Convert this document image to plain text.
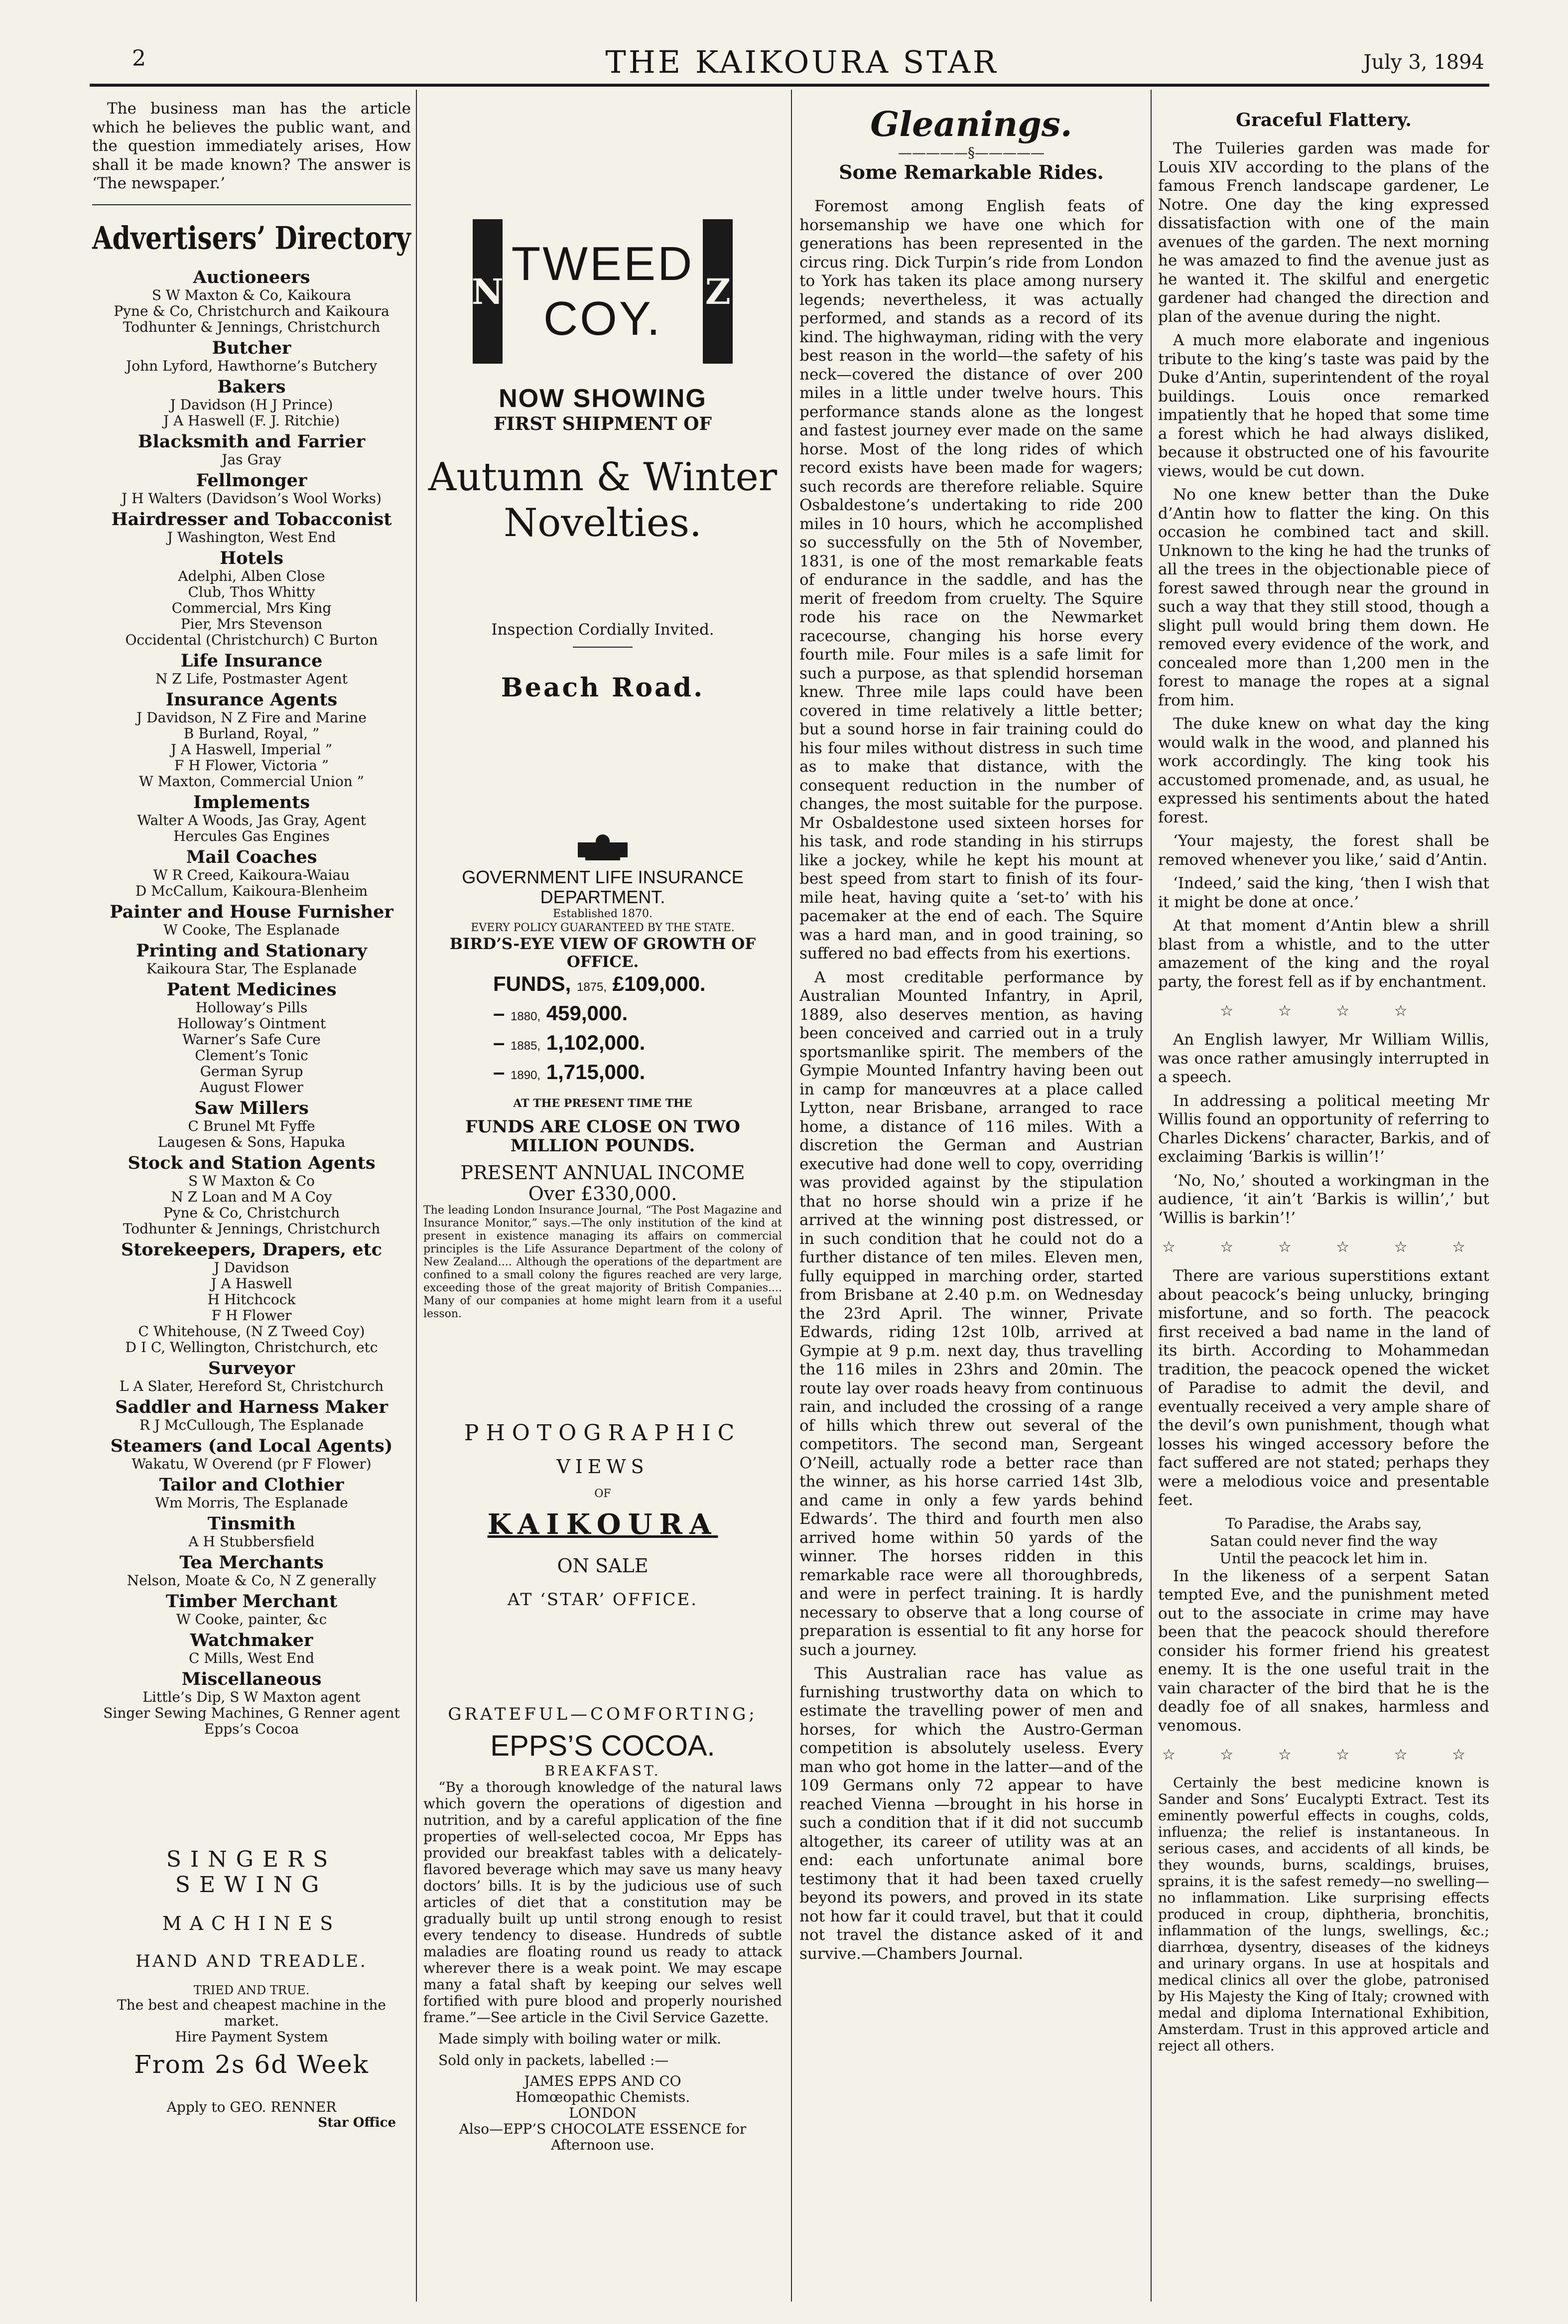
2	THE KAIKOURA STAR	July 3, 1894

The business man has the article which he believes the public want, and the question immediately arises, How shall it be made known? The answer is ‘The newspaper.’

Advertisers’ Directory
Auctioneers
S W Maxton & Co, Kaikoura
Pyne & Co, Christchurch and Kaikoura
Todhunter & Jennings, Christchurch
Butcher
John Lyford, Hawthorne’s Butchery
Bakers
J Davidson (H J Prince)
J A Haswell (F. J. Ritchie)
Blacksmith and Farrier
Jas Gray
Fellmonger
J H Walters (Davidson’s Wool Works)
Hairdresser and Tobacconist
J Washington, West End
Hotels
Adelphi, Alben Close
Club, Thos Whitty
Commercial, Mrs King
Pier, Mrs Stevenson
Occidental (Christchurch) C Burton
Life Insurance
N Z Life, Postmaster Agent
Insurance Agents
J Davidson, N Z Fire and Marine
B Burland, Royal, ”
J A Haswell, Imperial ”
F H Flower, Victoria ”
W Maxton, Commercial Union ”
Implements
Walter A Woods, Jas Gray, Agent
Hercules Gas Engines
Mail Coaches
W R Creed, Kaikoura-Waiau
D McCallum, Kaikoura-Blenheim
Painter and House Furnisher
W Cooke, The Esplanade
Printing and Stationary
Kaikoura Star, The Esplanade
Patent Medicines
Holloway’s Pills
Holloway’s Ointment
Warner’s Safe Cure
Clement’s Tonic
German Syrup
August Flower
Saw Millers
C Brunel Mt Fyffe
Laugesen & Sons, Hapuka
Stock and Station Agents
S W Maxton & Co
N Z Loan and M A Coy
Pyne & Co, Christchurch
Todhunter & Jennings, Christchurch
Storekeepers, Drapers, etc
J Davidson
J A Haswell
H Hitchcock
F H Flower
C Whitehouse, (N Z Tweed Coy)
D I C, Wellington, Christchurch, etc
Surveyor
L A Slater, Hereford St, Christchurch
Saddler and Harness Maker
R J McCullough, The Esplanade
Steamers (and Local Agents)
Wakatu, W Overend (pr F Flower)
Tailor and Clothier
Wm Morris, The Esplanade
Tinsmith
A H Stubbersfield
Tea Merchants
Nelson, Moate & Co, N Z generally
Timber Merchant
W Cooke, painter, &c
Watchmaker
C Mills, West End
Miscellaneous
Little’s Dip, S W Maxton agent
Singer Sewing Machines, G Renner agent
Epps’s Cocoa
SINGERS SEWING
MACHINES
HAND AND TREADLE.
TRIED AND TRUE.
The best and cheapest machine in the market.
Hire Payment System
From 2s 6d Week
Apply to GEO. RENNER
Star Office
N
TWEED
COY.
Z
NOW SHOWING
FIRST SHIPMENT OF
Autumn & Winter
Novelties.
Inspection Cordially Invited.
Beach Road.
GOVERNMENT LIFE INSURANCE
DEPARTMENT.
Established 1870.
EVERY POLICY GUARANTEED BY THE STATE.
BIRD’S-EYE VIEW OF GROWTH OF OFFICE.
FUNDS, 1875, £109,000.
– 1880, 459,000.
– 1885, 1,102,000.
– 1890, 1,715,000.
AT THE PRESENT TIME THE
FUNDS ARE CLOSE ON TWO MILLION POUNDS.
PRESENT ANNUAL INCOME
Over £330,000.
The leading London Insurance Journal, “The Post Magazine and Insurance Monitor,” says.—The only institution of the kind at present in existence managing its affairs on commercial principles is the Life Assurance Department of the colony of New Zealand.... Although the operations of the department are confined to a small colony the figures reached are very large, exceeding those of the great majority of British Companies.... Many of our companies at home might learn from it a useful lesson.
PHOTOGRAPHIC
VIEWS
OF
KAIKOURA
ON SALE
AT ‘STAR’ OFFICE.
GRATEFUL—COMFORTING;
EPPS’S COCOA.
BREAKFAST.

“By a thorough knowledge of the natural laws which govern the operations of digestion and nutrition, and by a careful application of the fine properties of well-selected cocoa, Mr Epps has provided our breakfast tables with a delicately-flavored beverage which may save us many heavy doctors’ bills. It is by the judicious use of such articles of diet that a constitution may be gradually built up until strong enough to resist every tendency to disease. Hundreds of subtle maladies are floating round us ready to attack wherever there is a weak point. We may escape many a fatal shaft by keeping our selves well fortified with pure blood and properly nourished frame.”—See article in the Civil Service Gazette.

Made simply with boiling water or milk.

Sold only in packets, labelled :—

JAMES EPPS AND CO
Homœopathic Chemists.
LONDON
Also—EPP’S CHOCOLATE ESSENCE for Afternoon use.
Gleanings.
—————§—————
Some Remarkable Rides.

Foremost among English feats of horsemanship we have one which for generations has been represented in the circus ring. Dick Turpin’s ride from London to York has taken its place among nursery legends; nevertheless, it was actually performed, and stands as a record of its kind. The highwayman, riding with the very best reason in the world—the safety of his neck—covered the distance of over 200 miles in a little under twelve hours. This performance stands alone as the longest and fastest journey ever made on the same horse. Most of the long rides of which record exists have been made for wagers; such records are therefore reliable. Squire Osbaldestone’s undertaking to ride 200 miles in 10 hours, which he accomplished so successfully on the 5th of November, 1831, is one of the most remarkable feats of endurance in the saddle, and has the merit of freedom from cruelty. The Squire rode his race on the Newmarket racecourse, changing his horse every fourth mile. Four miles is a safe limit for such a purpose, as that splendid horseman knew. Three mile laps could have been covered in time relatively a little better; but a sound horse in fair training could do his four miles without distress in such time as to make that distance, with the consequent reduction in the number of changes, the most suitable for the purpose. Mr Osbaldestone used sixteen horses for his task, and rode standing in his stirrups like a jockey, while he kept his mount at best speed from start to finish of its four-mile heat, having quite a ‘set-to’ with his pacemaker at the end of each. The Squire was a hard man, and in good training, so suffered no bad effects from his exertions.

A most creditable performance by Australian Mounted Infantry, in April, 1889, also deserves mention, as having been conceived and carried out in a truly sportsmanlike spirit. The members of the Gympie Mounted Infantry having been out in camp for manœuvres at a place called Lytton, near Brisbane, arranged to race home, a distance of 116 miles. With a discretion the German and Austrian executive had done well to copy, overriding was provided against by the stipulation that no horse should win a prize if he arrived at the winning post distressed, or in such condition that he could not do a further distance of ten miles. Eleven men, fully equipped in marching order, started from Brisbane at 2.40 p.m. on Wednesday the 23rd April. The winner, Private Edwards, riding 12st 10lb, arrived at Gympie at 9 p.m. next day, thus travelling the 116 miles in 23hrs and 20min. The route lay over roads heavy from continuous rain, and included the crossing of a range of hills which threw out several of the competitors. The second man, Sergeant O’Neill, actually rode a better race than the winner, as his horse carried 14st 3lb, and came in only a few yards behind Edwards’. The third and fourth men also arrived home within 50 yards of the winner. The horses ridden in this remarkable race were all thoroughbreds, and were in perfect training. It is hardly necessary to observe that a long course of preparation is essential to fit any horse for such a journey.

This Australian race has value as furnishing trustworthy data on which to estimate the travelling power of men and horses, for which the Austro-German competition is absolutely useless. Every man who got home in the latter—and of the 109 Germans only 72 appear to have reached Vienna —brought in his horse in such a condition that if it did not succumb altogether, its career of utility was at an end: each unfortunate animal bore testimony that it had been taxed cruelly beyond its powers, and proved in its state not how far it could travel, but that it could not travel the distance asked of it and survive.—Chambers Journal.

Graceful Flattery.

The Tuileries garden was made for Louis XIV according to the plans of the famous French landscape gardener, Le Notre. One day the king expressed dissatisfaction with one of the main avenues of the garden. The next morning he was amazed to find the avenue just as he wanted it. The skilful and energetic gardener had changed the direction and plan of the avenue during the night.

A much more elaborate and ingenious tribute to the king’s taste was paid by the Duke d’Antin, superintendent of the royal buildings. Louis once remarked impatiently that he hoped that some time a forest which he had always disliked, because it obstructed one of his favourite views, would be cut down.

No one knew better than the Duke d’Antin how to flatter the king. On this occasion he combined tact and skill. Unknown to the king he had the trunks of all the trees in the objectionable piece of forest sawed through near the ground in such a way that they still stood, though a slight pull would bring them down. He removed every evidence of the work, and concealed more than 1,200 men in the forest to manage the ropes at a signal from him.

The duke knew on what day the king would walk in the wood, and planned his work accordingly. The king took his accustomed promenade, and, as usual, he expressed his sentiments about the hated forest.

‘Your majesty, the forest shall be removed whenever you like,’ said d’Antin.

‘Indeed,’ said the king, ‘then I wish that it might be done at once.’

At that moment d’Antin blew a shrill blast from a whistle, and to the utter amazement of the king and the royal party, the forest fell as if by enchantment.

☆ ☆ ☆ ☆

An English lawyer, Mr William Willis, was once rather amusingly interrupted in a speech.

In addressing a political meeting Mr Willis found an opportunity of referring to Charles Dickens’ character, Barkis, and of exclaiming ‘Barkis is willin’!’

‘No, No,’ shouted a workingman in the audience, ‘it ain’t ‘Barkis is willin’,’ but ‘Willis is barkin’!’

☆ ☆ ☆ ☆ ☆ ☆

There are various superstitions extant about peacock’s being unlucky, bringing misfortune, and so forth. The peacock first received a bad name in the land of its birth. According to Mohammedan tradition, the peacock opened the wicket of Paradise to admit the devil, and eventually received a very ample share of the devil’s own punishment, though what losses his winged accessory before the fact suffered are not stated; perhaps they were a melodious voice and presentable feet.

To Paradise, the Arabs say,
Satan could never find the way
Until the peacock let him in.

In the likeness of a serpent Satan tempted Eve, and the punishment meted out to the associate in crime may have been that the peacock should therefore consider his former friend his greatest enemy. It is the one useful trait in the vain character of the bird that he is the deadly foe of all snakes, harmless and venomous.

☆ ☆ ☆ ☆ ☆ ☆

Certainly the best medicine known is Sander and Sons’ Eucalypti Extract. Test its eminently powerful effects in coughs, colds, influenza; the relief is instantaneous. In serious cases, and accidents of all kinds, be they wounds, burns, scaldings, bruises, sprains, it is the safest remedy—no swelling—no inflammation. Like surprising effects produced in croup, diphtheria, bronchitis, inflammation of the lungs, swellings, &c.; diarrhœa, dysentry, diseases of the kidneys and urinary organs. In use at hospitals and medical clinics all over the globe, patronised by His Majesty the King of Italy; crowned with medal and diploma International Exhibition, Amsterdam. Trust in this approved article and reject all others.
